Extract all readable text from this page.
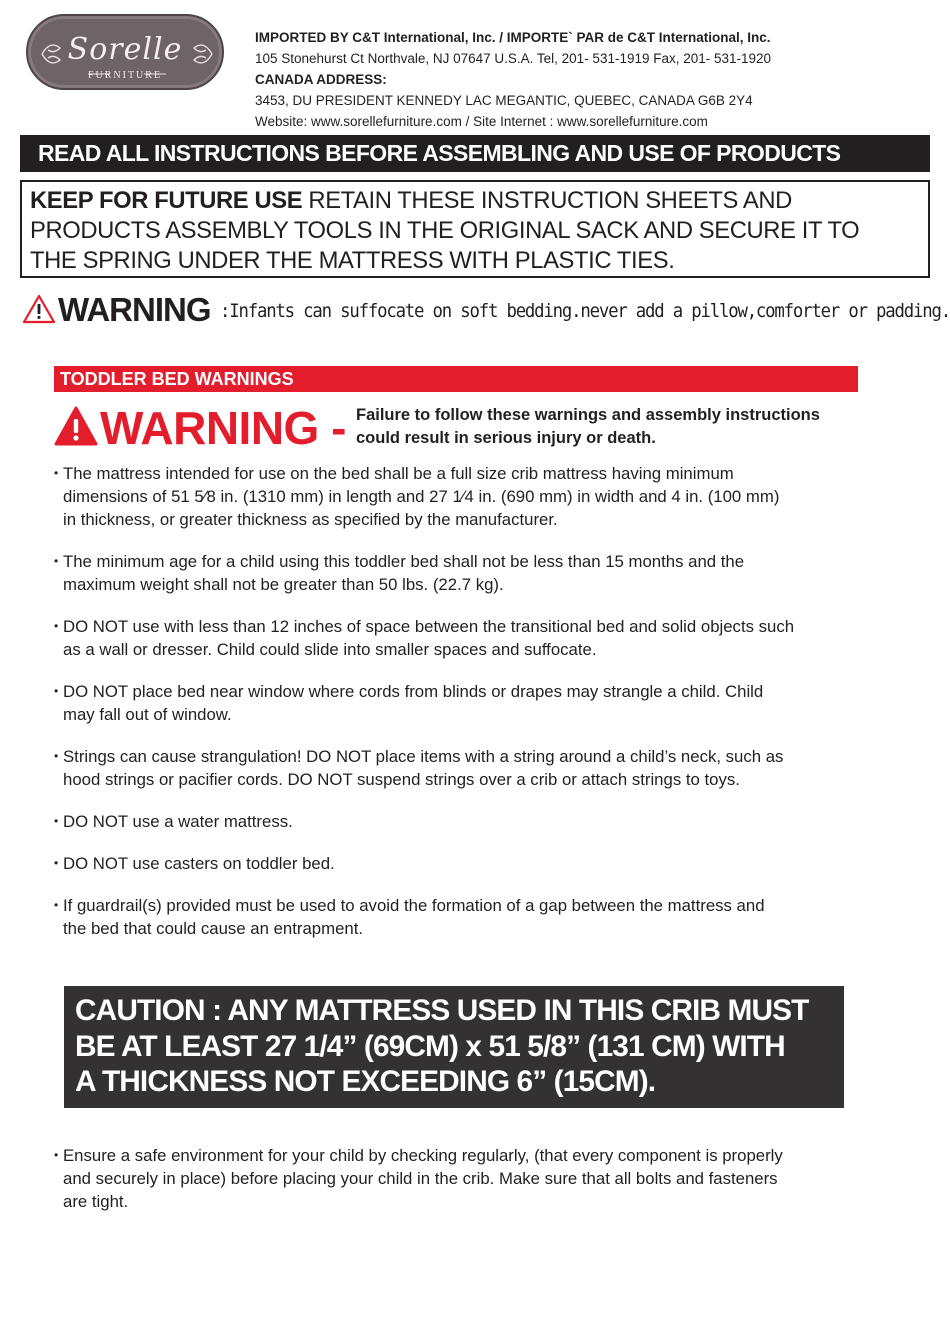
Sorelle
FURNITURE
IMPORTED BY C&T International, Inc. / IMPORTE` PAR de C&T International, Inc.
105 Stonehurst Ct Northvale, NJ 07647 U.S.A. Tel, 201- 531-1919 Fax, 201- 531-1920
CANADA ADDRESS:
3453, DU PRESIDENT KENNEDY LAC MEGANTIC, QUEBEC, CANADA G6B 2Y4
Website: www.sorellefurniture.com / Site Internet : www.sorellefurniture.com
READ ALL INSTRUCTIONS BEFORE ASSEMBLING AND USE OF PRODUCTS
KEEP FOR FUTURE USE RETAIN THESE INSTRUCTION SHEETS AND
PRODUCTS ASSEMBLY TOOLS IN THE ORIGINAL SACK AND SECURE IT TO
THE SPRING UNDER THE MATTRESS WITH PLASTIC TIES.
WARNING :Infants can suffocate on soft bedding.never add a pillow,comforter or padding.
TODDLER BED WARNINGS
WARNING - Failure to follow these warnings and assembly instructions
could result in serious injury or death.
• The mattress intended for use on the bed shall be a full size crib mattress having minimum
dimensions of 51 5⁄8 in. (1310 mm) in length and 27 1⁄4 in. (690 mm) in width and 4 in. (100 mm)
in thickness, or greater thickness as specified by the manufacturer.
• The minimum age for a child using this toddler bed shall not be less than 15 months and the
maximum weight shall not be greater than 50 lbs. (22.7 kg).
• DO NOT use with less than 12 inches of space between the transitional bed and solid objects such
as a wall or dresser. Child could slide into smaller spaces and suffocate.
• DO NOT place bed near window where cords from blinds or drapes may strangle a child. Child
may fall out of window.
• Strings can cause strangulation! DO NOT place items with a string around a child’s neck, such as
hood strings or pacifier cords. DO NOT suspend strings over a crib or attach strings to toys.
• DO NOT use a water mattress.
• DO NOT use casters on toddler bed.
• If guardrail(s) provided must be used to avoid the formation of a gap between the mattress and
the bed that could cause an entrapment.
CAUTION : ANY MATTRESS USED IN THIS CRIB MUST
BE AT LEAST 27 1/4” (69CM) x 51 5/8” (131 CM) WITH
A THICKNESS NOT EXCEEDING 6” (15CM).
• Ensure a safe environment for your child by checking regularly, (that every component is properly
and securely in place) before placing your child in the crib. Make sure that all bolts and fasteners
are tight.
